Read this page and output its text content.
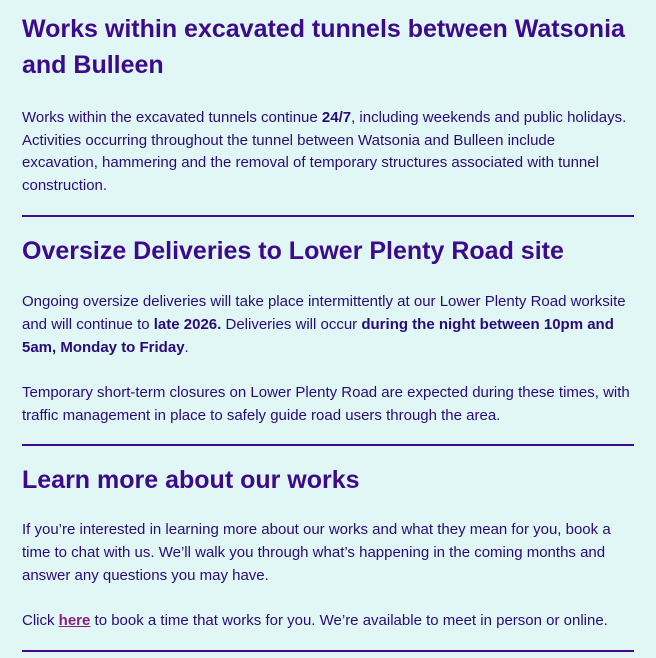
Works within excavated tunnels between Watsonia and Bulleen

Works within the excavated tunnels continue 24/7, including weekends and public holidays. Activities occurring throughout the tunnel between Watsonia and Bulleen include excavation, hammering and the removal of temporary structures associated with tunnel construction.

Oversize Deliveries to Lower Plenty Road site

Ongoing oversize deliveries will take place intermittently at our Lower Plenty Road worksite and will continue to late 2026. Deliveries will occur during the night between 10pm and 5am, Monday to Friday.

Temporary short-term closures on Lower Plenty Road are expected during these times, with traffic management in place to safely guide road users through the area.

Learn more about our works

If you’re interested in learning more about our works and what they mean for you, book a time to chat with us. We’ll walk you through what’s happening in the coming months and answer any questions you may have.

Click here to book a time that works for you. We’re available to meet in person or online.
